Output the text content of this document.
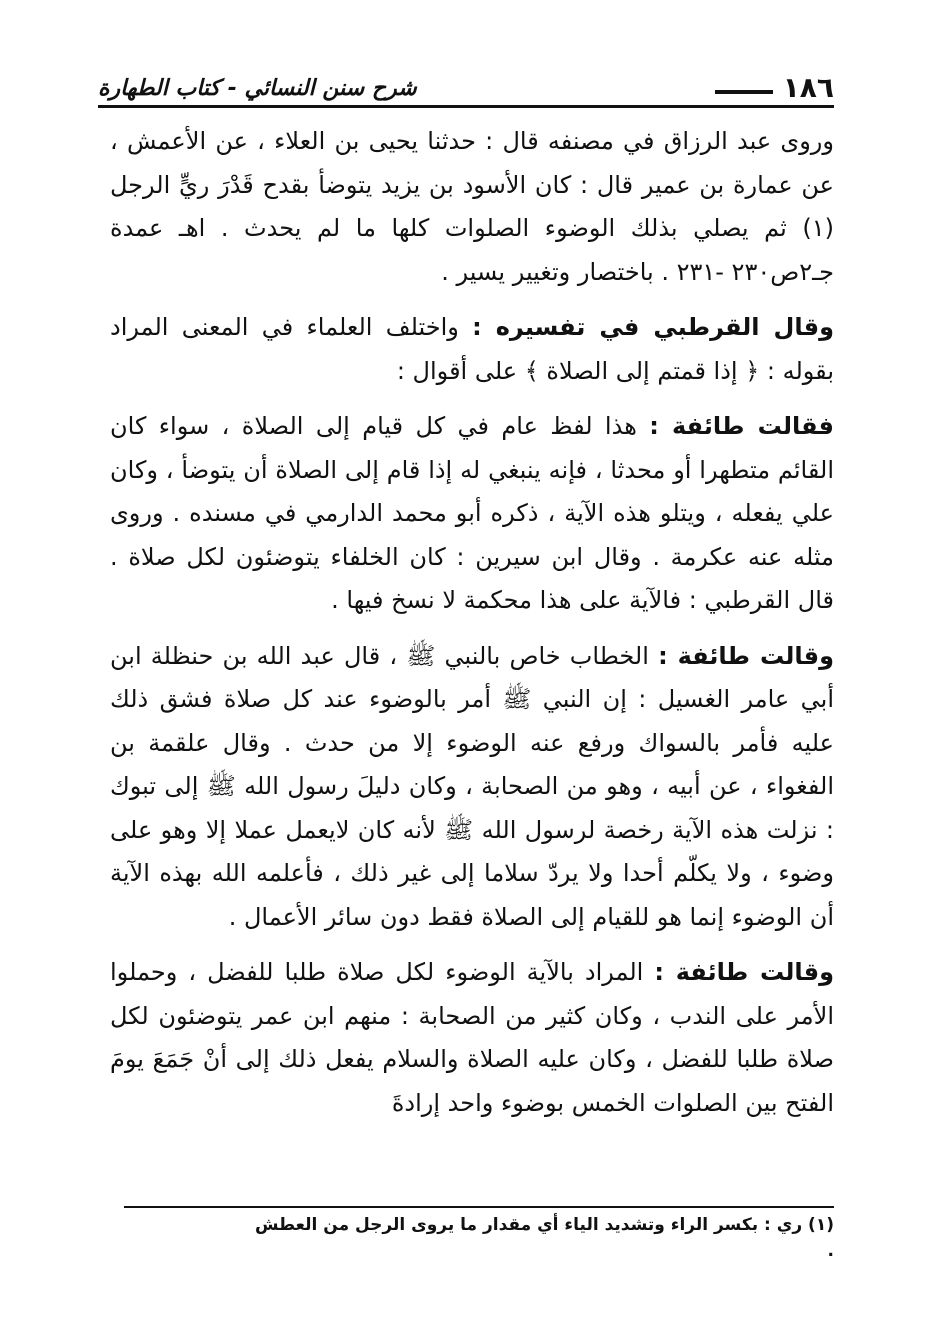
١٨٦
شرح سنن النسائي - كتاب الطهارة

وروى عبد الرزاق في مصنفه قال : حدثنا يحيى بن العلاء ، عن الأعمش ، عن عمارة بن عمير قال : كان الأسود بن يزيد يتوضأ بقدح قَدْرَ ريٍّ الرجل (١) ثم يصلي بذلك الوضوء الصلوات كلها ما لم يحدث . اهـ عمدة جـ٢ص٢٣٠ -٢٣١ . باختصار وتغيير يسير .

وقال القرطبي في تفسيره : واختلف العلماء في المعنى المراد بقوله : ﴿ إذا قمتم إلى الصلاة ﴾ على أقوال :

فقالت طائفة : هذا لفظ عام في كل قيام إلى الصلاة ، سواء كان القائم متطهرا أو محدثا ، فإنه ينبغي له إذا قام إلى الصلاة أن يتوضأ ، وكان علي يفعله ، ويتلو هذه الآية ، ذكره أبو محمد الدارمي في مسنده . وروى مثله عنه عكرمة . وقال ابن سيرين : كان الخلفاء يتوضئون لكل صلاة . قال القرطبي : فالآية على هذا محكمة لا نسخ فيها .

وقالت طائفة : الخطاب خاص بالنبي ﷺ ، قال عبد الله بن حنظلة ابن أبي عامر الغسيل : إن النبي ﷺ أمر بالوضوء عند كل صلاة فشق ذلك عليه فأمر بالسواك ورفع عنه الوضوء إلا من حدث . وقال علقمة بن الفغواء ، عن أبيه ، وهو من الصحابة ، وكان دليلَ رسول الله ﷺ إلى تبوك : نزلت هذه الآية رخصة لرسول الله ﷺ لأنه كان لايعمل عملا إلا وهو على وضوء ، ولا يكلّم أحدا ولا يردّ سلاما إلى غير ذلك ، فأعلمه الله بهذه الآية أن الوضوء إنما هو للقيام إلى الصلاة فقط دون سائر الأعمال .

وقالت طائفة : المراد بالآية الوضوء لكل صلاة طلبا للفضل ، وحملوا الأمر على الندب ، وكان كثير من الصحابة : منهم ابن عمر يتوضئون لكل صلاة طلبا للفضل ، وكان عليه الصلاة والسلام يفعل ذلك إلى أنْ جَمَعَ يومَ الفتح بين الصلوات الخمس بوضوء واحد إرادةَ

(١) ري : بكسر الراء وتشديد الياء أي مقدار ما يروى الرجل من العطش .
